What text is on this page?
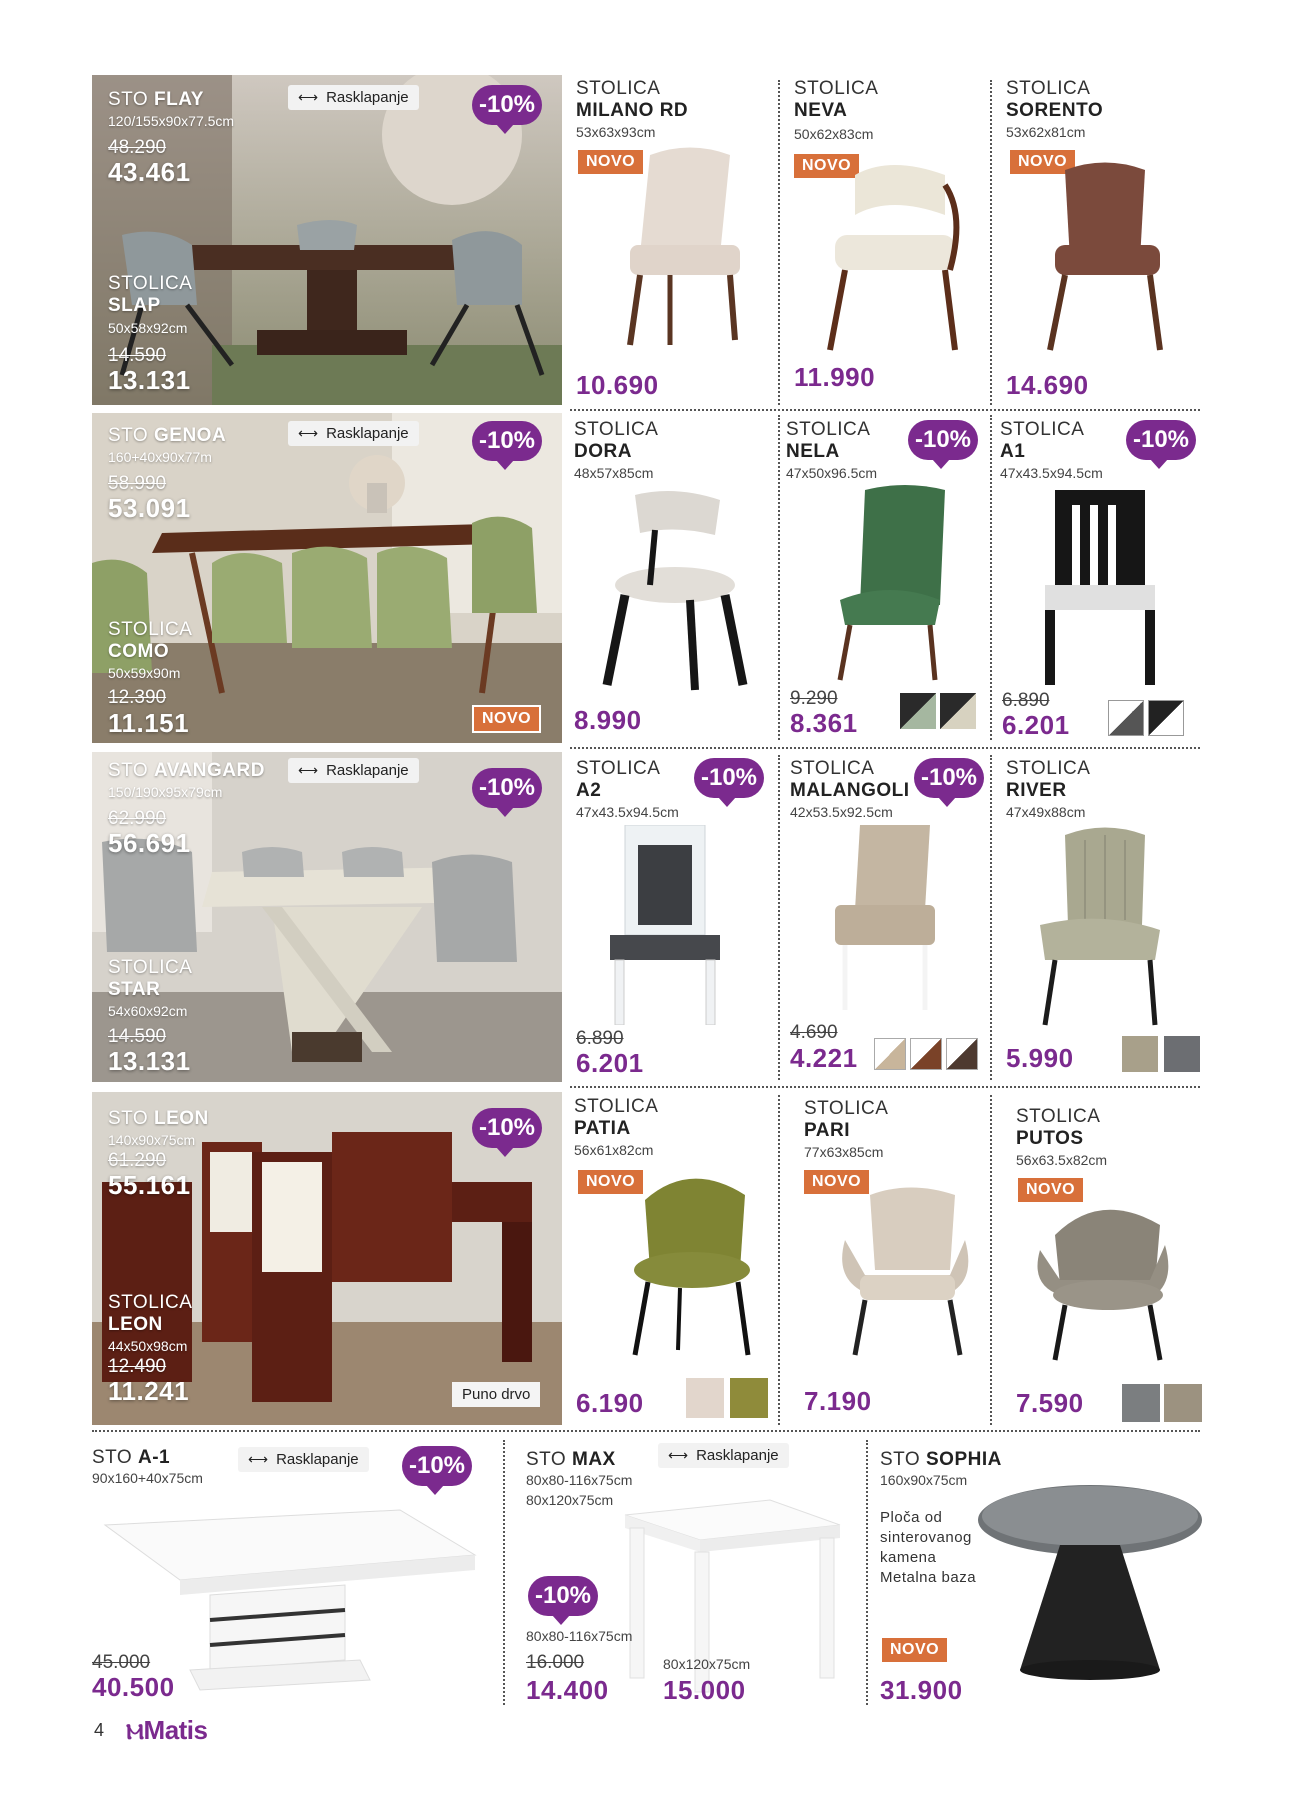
STO FLAY
120/155x90x77.5cm
48.290
43.461
STOLICA
SLAP
50x58x92cm
14.590
13.131
⟷ Rasklapanje	-10%
STO GENOA
160+40x90x77m
58.990
53.091
STOLICA
COMO
50x59x90m
12.390
11.151
⟷ Rasklapanje	-10%
NOVO
STO AVANGARD
150/190x95x79cm
62.990
56.691
STOLICA
STAR
54x60x92cm
14.590
13.131
⟷ Rasklapanje
-10%
STO LEON
140x90x75cm
61.290
55.161
STOLICA
LEON
44x50x98cm
12.490
11.241
-10%
Puno drvo
STOLICA
MILANO RD
53x63x93cm
NOVO
10.690
STOLICA
NEVA
50x62x83cm
NOVO
11.990
STOLICA
SORENTO
53x62x81cm
NOVO
14.690
STOLICA
DORA
48x57x85cm
8.990
STOLICA
NELA
47x50x96.5cm
-10%
9.290
8.361
STOLICA
A1
47x43.5x94.5cm
-10%
6.890
6.201
STOLICA
A2
47x43.5x94.5cm
-10%
6.890
6.201
STOLICA
MALANGOLI
42x53.5x92.5cm
-10%
4.690
4.221
STOLICA
RIVER
47x49x88cm
5.990
STOLICA
PATIA
56x61x82cm
NOVO
6.190
STOLICA
PARI
77x63x85cm
NOVO
7.190
STOLICA
PUTOS
56x63.5x82cm
NOVO
7.590
STO A-1
90x160+40x75cm
⟷ Rasklapanje -10%
45.000
40.500
STO MAX
80x80-116x75cm
80x120x75cm
⟷ Rasklapanje
-10%
80x80-116x75cm
16.000
14.400
80x120x75cm
15.000
STO SOPHIA
160x90x75cm
Ploča od
sinterovanog
kamena
Metalna baza
NOVO
31.900
4 ⲘMatis
